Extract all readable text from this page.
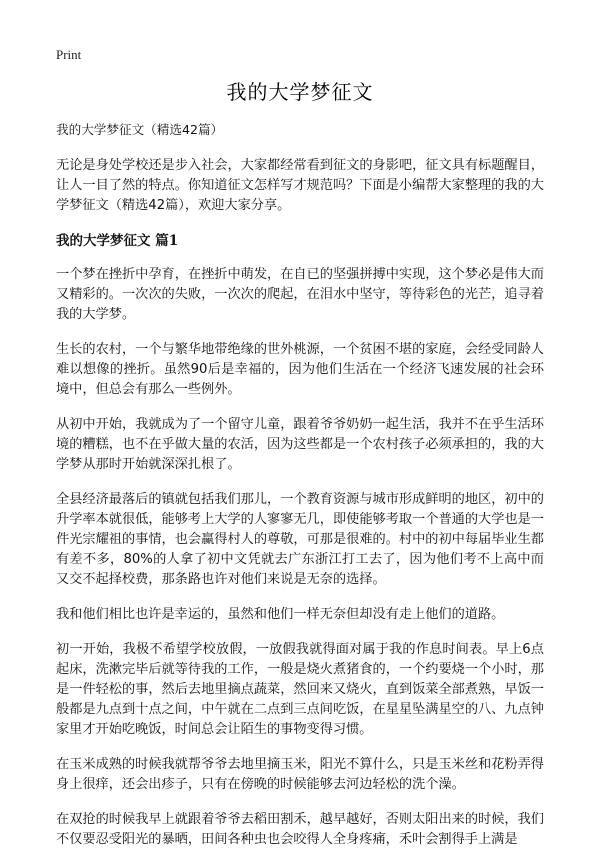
Print
我的大学梦征文

我的大学梦征文（精选42篇）

无论是身处学校还是步入社会，大家都经常看到征文的身影吧，征文具有标题醒目，让人一目了然的特点。你知道征文怎样写才规范吗？下面是小编帮大家整理的我的大学梦征文（精选42篇），欢迎大家分享。

我的大学梦征文 篇1

一个梦在挫折中孕育，在挫折中萌发，在自已的坚强拼搏中实现，这个梦必是伟大而又精彩的。一次次的失败，一次次的爬起，在泪水中坚守，等待彩色的光芒，追寻着我的大学梦。

生长的农村，一个与繁华地带绝缘的世外桃源，一个贫困不堪的家庭，会经受同龄人难以想像的挫折。虽然90后是幸福的，因为他们生活在一个经济飞速发展的社会环境中，但总会有那么一些例外。

从初中开始，我就成为了一个留守儿童，跟着爷爷奶奶一起生活，我并不在乎生活环境的糟糕，也不在乎做大量的农活，因为这些都是一个农村孩子必须承担的，我的大学梦从那时开始就深深扎根了。

全县经济最落后的镇就包括我们那儿，一个教育资源与城市形成鲜明的地区，初中的升学率本就很低，能够考上大学的人寥寥无几，即使能够考取一个普通的大学也是一件光宗耀祖的事情，也会赢得村人的尊敬，可那是很难的。村中的初中每届毕业生都有差不多，80%的人拿了初中文凭就去广东浙江打工去了，因为他们考不上高中而又交不起择校费，那条路也许对他们来说是无奈的选择。

我和他们相比也许是幸运的，虽然和他们一样无奈但却没有走上他们的道路。

初一开始，我极不希望学校放假，一放假我就得面对属于我的作息时间表。早上6点起床，洗漱完毕后就等待我的工作，一般是烧火煮猪食的，一个约要烧一个小时，那是一件轻松的事，然后去地里摘点蔬菜，然回来又烧火，直到饭菜全部煮熟，早饭一般都是九点到十点之间，中午就在二点到三点间吃饭，在星星坠满星空的八、九点钟家里才开始吃晚饭，时间总会让陌生的事物变得习惯。

在玉米成熟的时候我就帮爷爷去地里摘玉米，阳光不算什么，只是玉米丝和花粉弄得身上很痒，还会出疹子，只有在傍晚的时候能够去河边轻松的洗个澡。

在双抢的时候我早上就跟着爷爷去稻田割禾，越早越好，否则太阳出来的时候，我们不仅要忍受阳光的暴晒，田间各种虫也会咬得人全身疼痛，禾叶会割得手上满是
